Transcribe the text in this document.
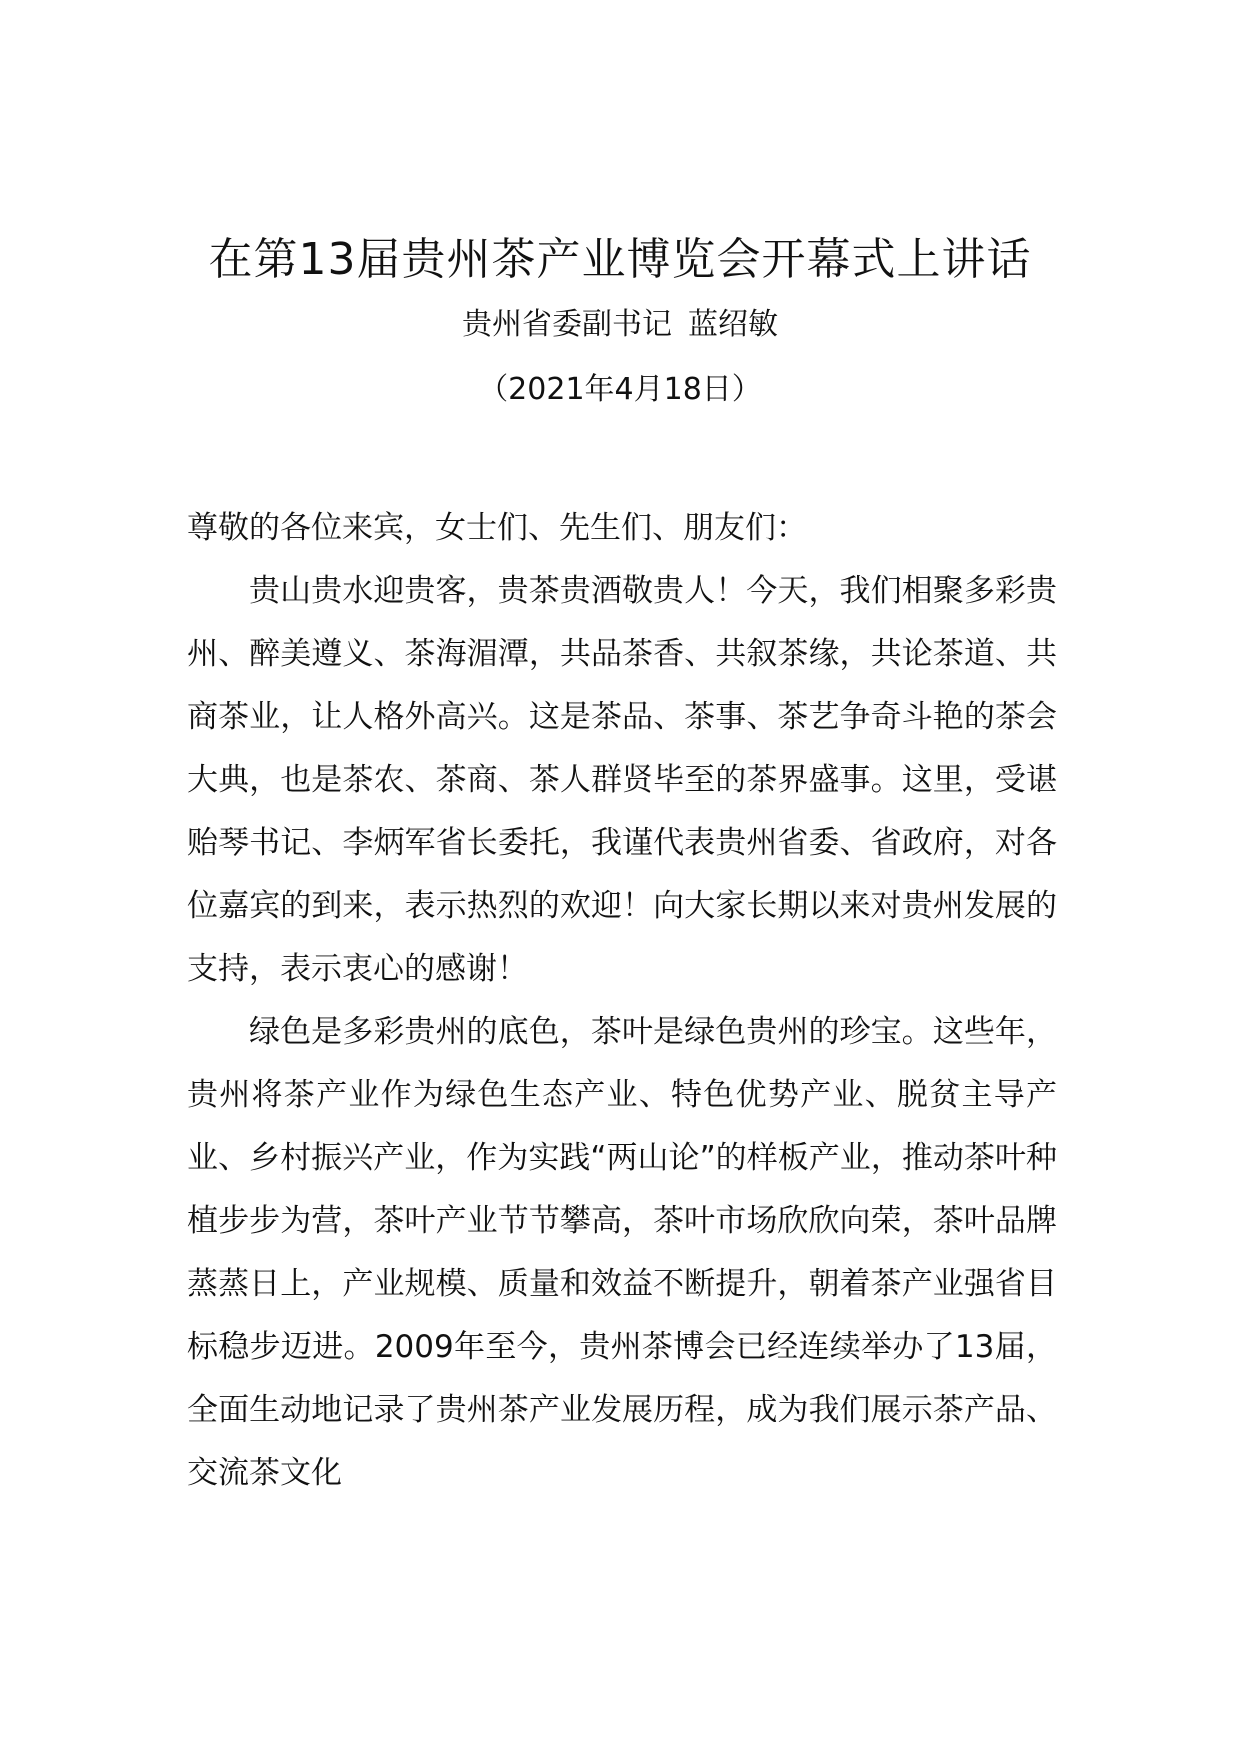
在第13届贵州茶产业博览会开幕式上讲话
贵州省委副书记 蓝绍敏
（2021年4月18日）

尊敬的各位来宾，女士们、先生们、朋友们：

贵山贵水迎贵客，贵茶贵酒敬贵人！今天，我们相聚多彩贵州、醉美遵义、茶海湄潭，共品茶香、共叙茶缘，共论茶道、共商茶业，让人格外高兴。这是茶品、茶事、茶艺争奇斗艳的茶会大典，也是茶农、茶商、茶人群贤毕至的茶界盛事。这里，受谌贻琴书记、李炳军省长委托，我谨代表贵州省委、省政府，对各位嘉宾的到来，表示热烈的欢迎！向大家长期以来对贵州发展的支持，表示衷心的感谢！

绿色是多彩贵州的底色，茶叶是绿色贵州的珍宝。这些年，贵州将茶产业作为绿色生态产业、特色优势产业、脱贫主导产业、乡村振兴产业，作为实践“两山论”的样板产业，推动茶叶种植步步为营，茶叶产业节节攀高，茶叶市场欣欣向荣，茶叶品牌蒸蒸日上，产业规模、质量和效益不断提升，朝着茶产业强省目标稳步迈进。2009年至今，贵州茶博会已经连续举办了13届，全面生动地记录了贵州茶产业发展历程，成为我们展示茶产品、交流茶文化
